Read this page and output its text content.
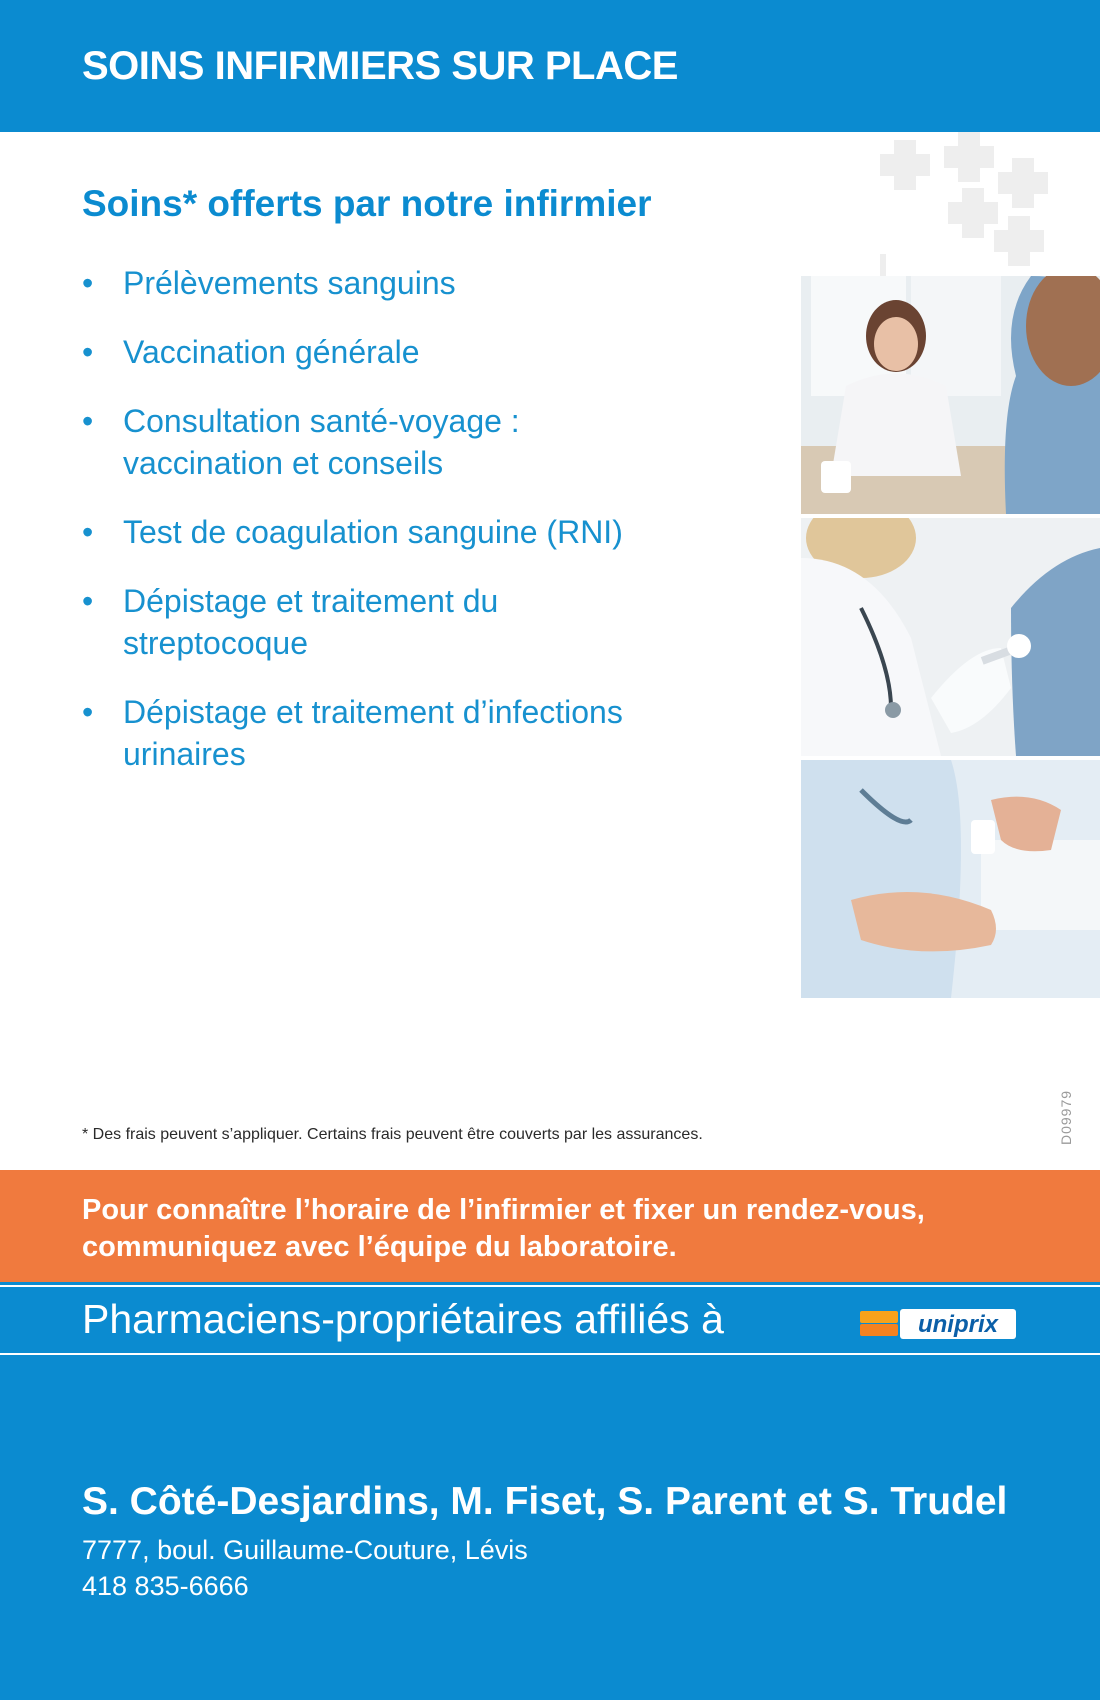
SOINS INFIRMIERS SUR PLACE
Soins* offerts par notre infirmier
• Prélèvements sanguins
• Vaccination générale
• Consultation santé-voyage :
vaccination et conseils
• Test de coagulation sanguine (RNI)
• Dépistage et traitement du
streptocoque
• Dépistage et traitement d’infections
urinaires
* Des frais peuvent s’appliquer. Certains frais peuvent être couverts par les assurances.	D09979
Pour connaître l’horaire de l’infirmier et fixer un rendez-vous,
communiquez avec l’équipe du laboratoire.
Pharmaciens-propriétaires affiliés à	uniprix
S. Côté-Desjardins, M. Fiset, S. Parent et S. Trudel
7777, boul. Guillaume-Couture, Lévis
418 835-6666
